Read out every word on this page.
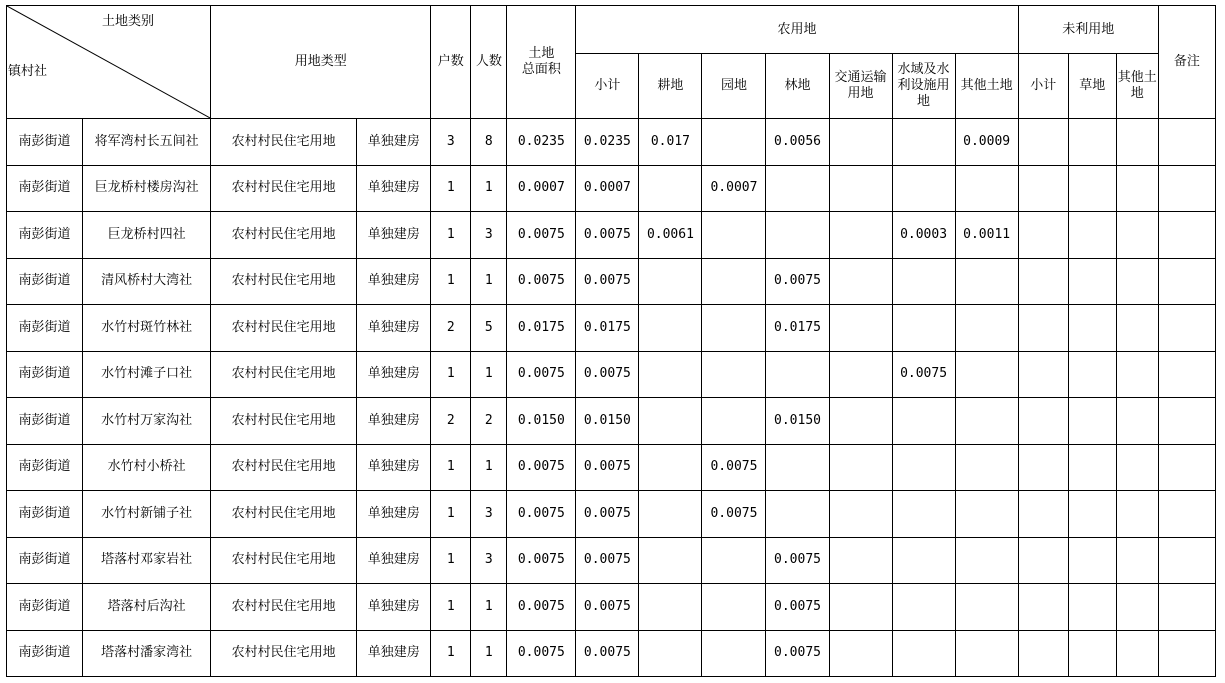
土地类别
镇村社		用地类型		户数	人数	土地
总面积	农用地							未利用地			备注
							小计	耕地	园地	林地	交通运输用地	水域及水利设施用地	其他土地	小计	草地	其他土地	
南彭街道	将军湾村长五间社	农村村民住宅用地	单独建房	3	8	0.0235	0.0235	0.017		0.0056			0.0009				
南彭街道	巨龙桥村楼房沟社	农村村民住宅用地	单独建房	1	1	0.0007	0.0007		0.0007								
南彭街道	巨龙桥村四社	农村村民住宅用地	单独建房	1	3	0.0075	0.0075	0.0061				0.0003	0.0011				
南彭街道	清风桥村大湾社	农村村民住宅用地	单独建房	1	1	0.0075	0.0075			0.0075							
南彭街道	水竹村斑竹林社	农村村民住宅用地	单独建房	2	5	0.0175	0.0175			0.0175							
南彭街道	水竹村滩子口社	农村村民住宅用地	单独建房	1	1	0.0075	0.0075					0.0075					
南彭街道	水竹村万家沟社	农村村民住宅用地	单独建房	2	2	0.0150	0.0150			0.0150							
南彭街道	水竹村小桥社	农村村民住宅用地	单独建房	1	1	0.0075	0.0075		0.0075								
南彭街道	水竹村新铺子社	农村村民住宅用地	单独建房	1	3	0.0075	0.0075		0.0075								
南彭街道	塔落村邓家岩社	农村村民住宅用地	单独建房	1	3	0.0075	0.0075			0.0075							
南彭街道	塔落村后沟社	农村村民住宅用地	单独建房	1	1	0.0075	0.0075			0.0075							
南彭街道	塔落村潘家湾社	农村村民住宅用地	单独建房	1	1	0.0075	0.0075			0.0075							
